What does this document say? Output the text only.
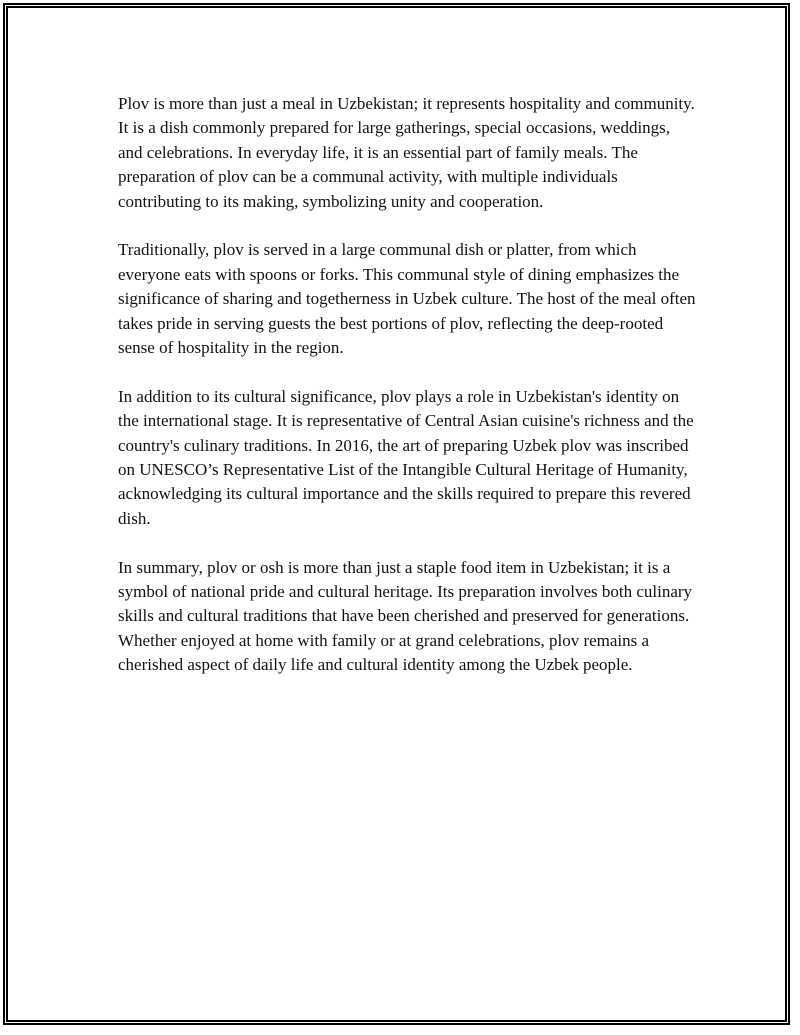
Plov is more than just a meal in Uzbekistan; it represents hospitality and community. It is a dish commonly prepared for large gatherings, special occasions, weddings, and celebrations. In everyday life, it is an essential part of family meals. The preparation of plov can be a communal activity, with multiple individuals contributing to its making, symbolizing unity and cooperation.

Traditionally, plov is served in a large communal dish or platter, from which everyone eats with spoons or forks. This communal style of dining emphasizes the significance of sharing and togetherness in Uzbek culture. The host of the meal often takes pride in serving guests the best portions of plov, reflecting the deep-rooted sense of hospitality in the region.

In addition to its cultural significance, plov plays a role in Uzbekistan's identity on the international stage. It is representative of Central Asian cuisine's richness and the country's culinary traditions. In 2016, the art of preparing Uzbek plov was inscribed on UNESCO’s Representative List of the Intangible Cultural Heritage of Humanity, acknowledging its cultural importance and the skills required to prepare this revered dish.

In summary, plov or osh is more than just a staple food item in Uzbekistan; it is a symbol of national pride and cultural heritage. Its preparation involves both culinary skills and cultural traditions that have been cherished and preserved for generations. Whether enjoyed at home with family or at grand celebrations, plov remains a cherished aspect of daily life and cultural identity among the Uzbek people.
